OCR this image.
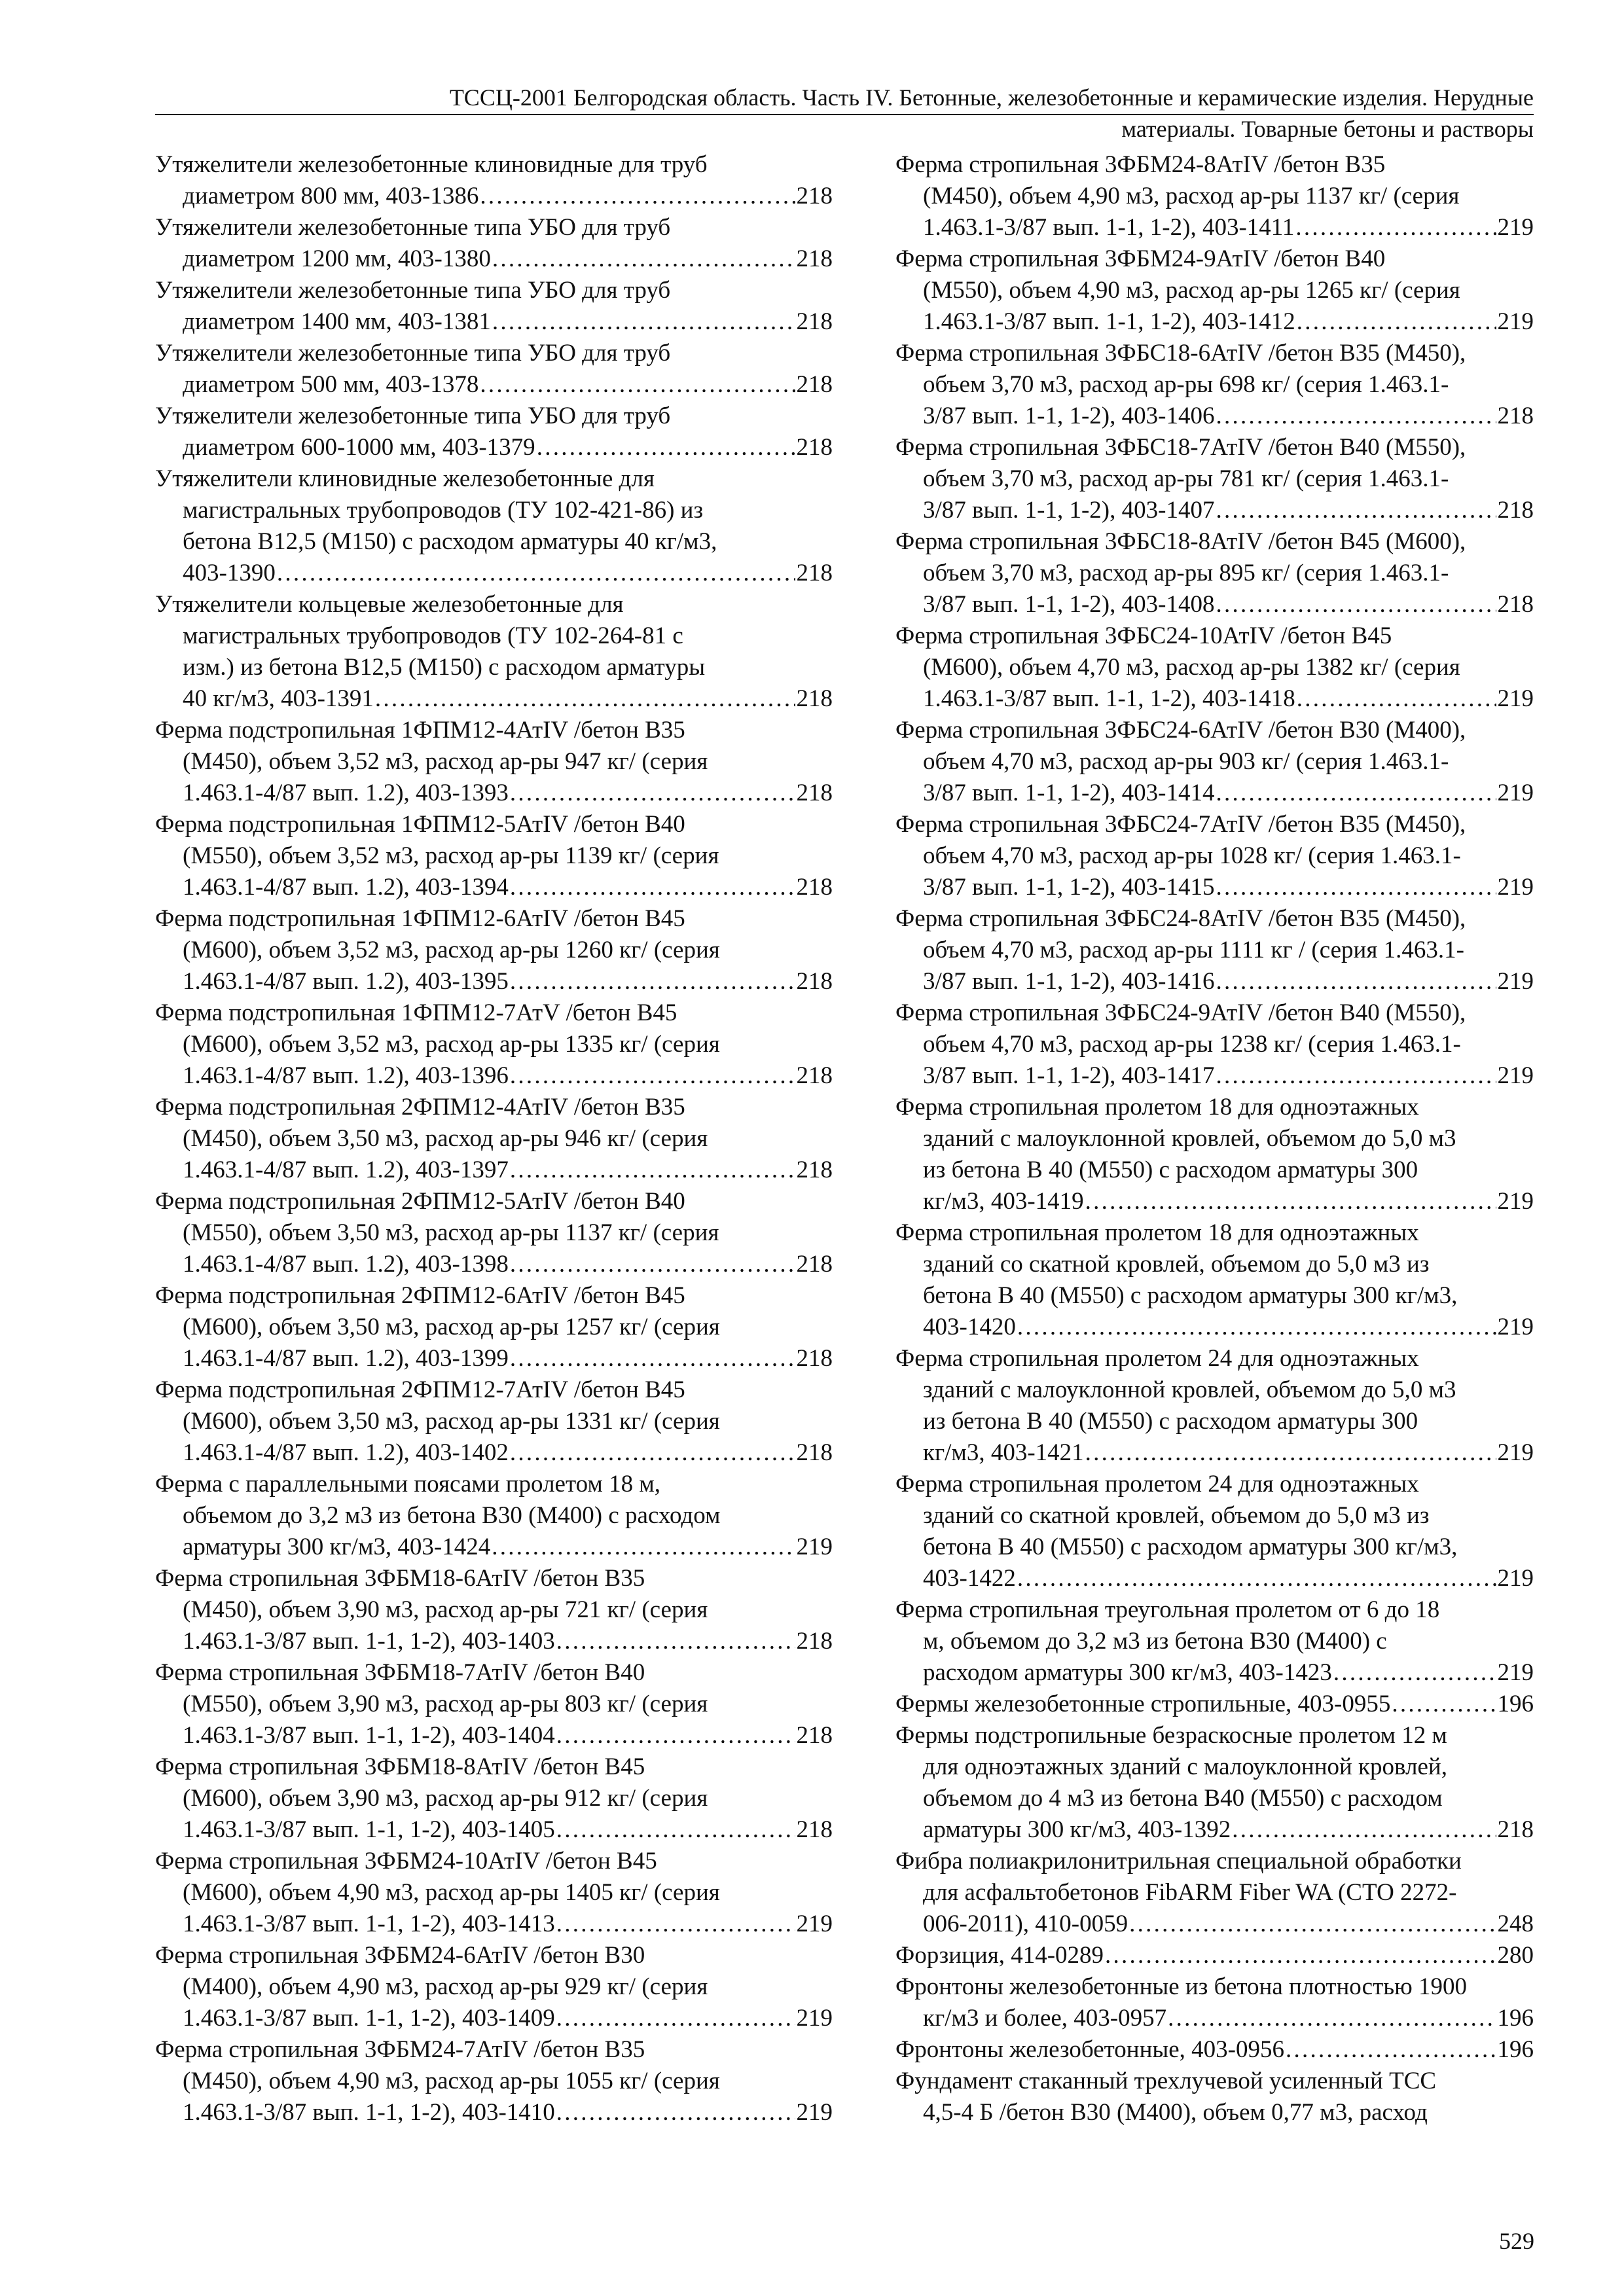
ТССЦ-2001 Белгородская область. Часть IV. Бетонные, железобетонные и керамические изделия. Нерудные
материалы. Товарные бетоны и растворы
Утяжелители железобетонные клиновидные для труб
диаметром 800 мм, 403-1386 . . .	218
Утяжелители железобетонные типа УБО для труб
диаметром 1200 мм, 403-1380 . . .	218
Утяжелители железобетонные типа УБО для труб
диаметром 1400 мм, 403-1381 . . .	218
Утяжелители железобетонные типа УБО для труб
диаметром 500 мм, 403-1378 . . .	218
Утяжелители железобетонные типа УБО для труб
диаметром 600-1000 мм, 403-1379 . . .	218
Утяжелители клиновидные железобетонные для
магистральных трубопроводов (ТУ 102-421-86) из
бетона В12,5 (М150) с расходом арматуры 40 кг/м3,
403-1390 . . .	218
Утяжелители кольцевые железобетонные для
магистральных трубопроводов (ТУ 102-264-81 с
изм.) из бетона В12,5 (М150) с расходом арматуры
40 кг/м3, 403-1391 . . .	218
Ферма подстропильная 1ФПМ12-4АтIV /бетон В35
(М450), объем 3,52 м3, расход ар-ры 947 кг/ (серия
1.463.1-4/87 вып. 1.2), 403-1393 . . .	218
Ферма подстропильная 1ФПМ12-5АтIV /бетон В40
(М550), объем 3,52 м3, расход ар-ры 1139 кг/ (серия
1.463.1-4/87 вып. 1.2), 403-1394 . . .	218
Ферма подстропильная 1ФПМ12-6АтIV /бетон В45
(М600), объем 3,52 м3, расход ар-ры 1260 кг/ (серия
1.463.1-4/87 вып. 1.2), 403-1395 . . .	218
Ферма подстропильная 1ФПМ12-7АтV /бетон В45
(М600), объем 3,52 м3, расход ар-ры 1335 кг/ (серия
1.463.1-4/87 вып. 1.2), 403-1396 . . .	218
Ферма подстропильная 2ФПМ12-4АтIV /бетон В35
(М450), объем 3,50 м3, расход ар-ры 946 кг/ (серия
1.463.1-4/87 вып. 1.2), 403-1397 . . .	218
Ферма подстропильная 2ФПМ12-5АтIV /бетон В40
(М550), объем 3,50 м3, расход ар-ры 1137 кг/ (серия
1.463.1-4/87 вып. 1.2), 403-1398 . . .	218
Ферма подстропильная 2ФПМ12-6АтIV /бетон В45
(М600), объем 3,50 м3, расход ар-ры 1257 кг/ (серия
1.463.1-4/87 вып. 1.2), 403-1399 . . .	218
Ферма подстропильная 2ФПМ12-7АтIV /бетон В45
(М600), объем 3,50 м3, расход ар-ры 1331 кг/ (серия
1.463.1-4/87 вып. 1.2), 403-1402 . . .	218
Ферма с параллельными поясами пролетом 18 м,
объемом до 3,2 м3 из бетона В30 (М400) с расходом
арматуры 300 кг/м3, 403-1424 . . .	219
Ферма стропильная 3ФБМ18-6АтIV /бетон В35
(М450), объем 3,90 м3, расход ар-ры 721 кг/ (серия
1.463.1-3/87 вып. 1-1, 1-2), 403-1403 . . .	218
Ферма стропильная 3ФБМ18-7АтIV /бетон В40
(М550), объем 3,90 м3, расход ар-ры 803 кг/ (серия
1.463.1-3/87 вып. 1-1, 1-2), 403-1404 . . .	218
Ферма стропильная 3ФБМ18-8АтIV /бетон В45
(М600), объем 3,90 м3, расход ар-ры 912 кг/ (серия
1.463.1-3/87 вып. 1-1, 1-2), 403-1405 . . .	218
Ферма стропильная 3ФБМ24-10АтIV /бетон В45
(М600), объем 4,90 м3, расход ар-ры 1405 кг/ (серия
1.463.1-3/87 вып. 1-1, 1-2), 403-1413 . . .	219
Ферма стропильная 3ФБМ24-6АтIV /бетон В30
(М400), объем 4,90 м3, расход ар-ры 929 кг/ (серия
1.463.1-3/87 вып. 1-1, 1-2), 403-1409 . . .	219
Ферма стропильная 3ФБМ24-7АтIV /бетон В35
(М450), объем 4,90 м3, расход ар-ры 1055 кг/ (серия
1.463.1-3/87 вып. 1-1, 1-2), 403-1410 . . .	219
Ферма стропильная 3ФБМ24-8АтIV /бетон В35
(М450), объем 4,90 м3, расход ар-ры 1137 кг/ (серия
1.463.1-3/87 вып. 1-1, 1-2), 403-1411 . . .	219
Ферма стропильная 3ФБМ24-9АтIV /бетон В40
(М550), объем 4,90 м3, расход ар-ры 1265 кг/ (серия
1.463.1-3/87 вып. 1-1, 1-2), 403-1412 . . .	219
Ферма стропильная 3ФБС18-6АтIV /бетон В35 (М450),
объем 3,70 м3, расход ар-ры 698 кг/ (серия 1.463.1-
3/87 вып. 1-1, 1-2), 403-1406 . . .	218
Ферма стропильная 3ФБС18-7АтIV /бетон В40 (М550),
объем 3,70 м3, расход ар-ры 781 кг/ (серия 1.463.1-
3/87 вып. 1-1, 1-2), 403-1407 . . .	218
Ферма стропильная 3ФБС18-8АтIV /бетон В45 (М600),
объем 3,70 м3, расход ар-ры 895 кг/ (серия 1.463.1-
3/87 вып. 1-1, 1-2), 403-1408 . . .	218
Ферма стропильная 3ФБС24-10АтIV /бетон В45
(М600), объем 4,70 м3, расход ар-ры 1382 кг/ (серия
1.463.1-3/87 вып. 1-1, 1-2), 403-1418 . . .	219
Ферма стропильная 3ФБС24-6АтIV /бетон В30 (М400),
объем 4,70 м3, расход ар-ры 903 кг/ (серия 1.463.1-
3/87 вып. 1-1, 1-2), 403-1414 . . .	219
Ферма стропильная 3ФБС24-7АтIV /бетон В35 (М450),
объем 4,70 м3, расход ар-ры 1028 кг/ (серия 1.463.1-
3/87 вып. 1-1, 1-2), 403-1415 . . .	219
Ферма стропильная 3ФБС24-8АтIV /бетон В35 (М450),
объем 4,70 м3, расход ар-ры 1111 кг / (серия 1.463.1-
3/87 вып. 1-1, 1-2), 403-1416 . . .	219
Ферма стропильная 3ФБС24-9АтIV /бетон В40 (М550),
объем 4,70 м3, расход ар-ры 1238 кг/ (серия 1.463.1-
3/87 вып. 1-1, 1-2), 403-1417 . . .	219
Ферма стропильная пролетом 18 для одноэтажных
зданий с малоуклонной кровлей, объемом до 5,0 м3
из бетона В 40 (М550) с расходом арматуры 300
кг/м3, 403-1419 . . .	219
Ферма стропильная пролетом 18 для одноэтажных
зданий со скатной кровлей, объемом до 5,0 м3 из
бетона В 40 (М550) с расходом арматуры 300 кг/м3,
403-1420 . . .	219
Ферма стропильная пролетом 24 для одноэтажных
зданий с малоуклонной кровлей, объемом до 5,0 м3
из бетона В 40 (М550) с расходом арматуры 300
кг/м3, 403-1421 . . .	219
Ферма стропильная пролетом 24 для одноэтажных
зданий со скатной кровлей, объемом до 5,0 м3 из
бетона В 40 (М550) с расходом арматуры 300 кг/м3,
403-1422 . . .	219
Ферма стропильная треугольная пролетом от 6 до 18
м, объемом до 3,2 м3 из бетона В30 (М400) с
расходом арматуры 300 кг/м3, 403-1423 . . .	219
Фермы железобетонные стропильные, 403-0955 . . .	196
Фермы подстропильные безраскосные пролетом 12 м
для одноэтажных зданий с малоуклонной кровлей,
объемом до 4 м3 из бетона В40 (М550) с расходом
арматуры 300 кг/м3, 403-1392 . . .	218
Фибра полиакрилонитрильная специальной обработки
для асфальтобетонов FibARM Fiber WA (СТО 2272-
006-2011), 410-0059 . . .	248
Форзиция, 414-0289 . . .	280
Фронтоны железобетонные из бетона плотностью 1900
кг/м3 и более, 403-0957 . . .	196
Фронтоны железобетонные, 403-0956 . . .	196
Фундамент стаканный трехлучевой усиленный ТСС
4,5-4 Б /бетон В30 (М400), объем 0,77 м3, расход
529
